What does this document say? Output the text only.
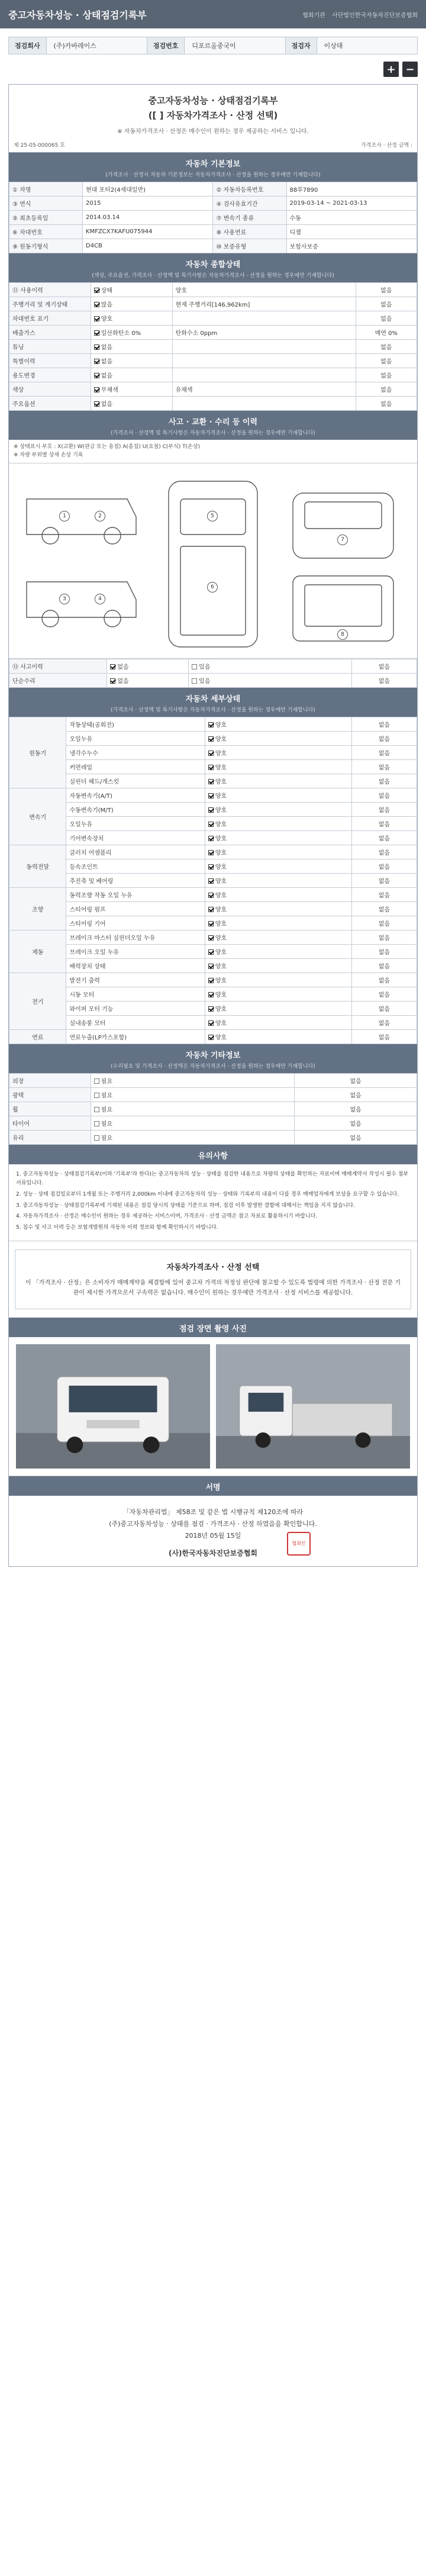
중고자동차성능 · 상태점검기록부	협회기관 사단법인한국자동차진단보증협회
점검회사	(주)카바레이스	점검번호	디포르올중국이	점검자	이상태
+ −
중고자동차성능 · 상태점검기록부
([ ] 자동차가격조사 · 산정 선택)
※ 자동차가격조사 · 산정은 매수인이 원하는 경우 제공하는 서비스 입니다.
제 25-05-000065 호	가격조사 · 산정 금액 :
자동차 기본정보
(가격조사 · 산정시 자동차 기본정보는 자동차가격조사 · 산정을 원하는 경우에만 기재합니다)
① 차명	현대 포터2(4세대일반)	② 자동차등록번호	88루7890
③ 연식	2015	④ 검사유효기간	2019-03-14 ~ 2021-03-13
⑤ 최초등록일	2014.03.14	⑦ 변속기 종류	수동
⑥ 차대번호	KMFZCX7KAFU075944	⑧ 사용연료	디젤
⑨ 원동기형식	D4CB	⑩ 보증유형	보험사보증
자동차 종합상태
(색상, 주요옵션, 가격조사 · 산정액 및 특기사항은 자동차가격조사 · 산정을 원하는 경우에만 기재합니다)
⑪ 사용이력	상태	양호	없음
주행거리 및 계기상태	많음	현재 주행거리[146,962km]	없음
차대번호 표기	양호		없음
배출가스	일산화탄소 0%	탄화수소 0ppm	매연 0%
튜닝	없음		없음
특별이력	없음		없음
용도변경	없음		없음
색상	무채색	유채색	없음
주요옵션	없음		없음
사고 · 교환 · 수리 등 이력
(가격조사 · 산정액 및 특기사항은 자동차가격조사 · 산정을 원하는 경우에만 기재합니다)
※ 상태표시 부호 : X(교환) W(판금 또는 용접) A(흠집) U(요철) C(부식) T(손상)
※ 차량 부위별 상세 손상 기록
1	2
3	4
5
6
7
8
⑬ 사고이력	없음	있음	없음
단순수리	없음	있음	없음
자동차 세부상태
(가격조사 · 산정액 및 특기사항은 자동차가격조사 · 산정을 원하는 경우에만 기재합니다)
원동기	작동상태(공회전)	양호	없음
	오일누유	양호	없음
	냉각수누수	양호	없음
	커먼레일	양호	없음
	실린더 헤드/개스킷	양호	없음
변속기	자동변속기(A/T)	양호	없음
	수동변속기(M/T)	양호	없음
	오일누유	양호	없음
	기어변속장치	양호	없음
동력전달	클러치 어셈블리	양호	없음
	등속조인트	양호	없음
	추진축 및 베어링	양호	없음
조향	동력조향 작동 오일 누유	양호	없음
	스티어링 펌프	양호	없음
	스티어링 기어	양호	없음
제동	브레이크 마스터 실린더오일 누유	양호	없음
	브레이크 오일 누유	양호	없음
	배력장치 상태	양호	없음
전기	발전기 출력	양호	없음
	시동 모터	양호	없음
	와이퍼 모터 기능	양호	없음
	실내송풍 모터	양호	없음
연료	연료누출(LP가스포함)	양호	없음
자동차 기타정보
(수리필요 및 가격조사 · 산정액은 자동차가격조사 · 산정을 원하는 경우에만 기재합니다)
외장	필요	없음
광택	필요	없음
휠	필요	없음
타이어	필요	없음
유리	필요	없음
유의사항

1. 중고자동차성능 · 상태점검기록부(이하 '기록부'라 한다)는 중고자동차의 성능 · 상태를 점검한 내용으로 차량의 상태를 확인하는 자료이며 매매계약서 작성시 필수 첨부서류입니다.

2. 성능 · 상태 점검일로부터 1개월 또는 주행거리 2,000km 이내에 중고자동차의 성능 · 상태와 기록부의 내용이 다를 경우 매매업자에게 보상을 요구할 수 있습니다.

3. 중고자동차성능 · 상태점검기록부에 기재된 내용은 점검 당시의 상태를 기준으로 하며, 점검 이후 발생한 결함에 대해서는 책임을 지지 않습니다.

4. 자동차가격조사 · 산정은 매수인이 원하는 경우 제공하는 서비스이며, 가격조사 · 산정 금액은 참고 자료로 활용하시기 바랍니다.

5. 침수 및 사고 이력 등은 보험개발원의 자동차 이력 정보와 함께 확인하시기 바랍니다.

자동차가격조사 · 산정 선택
이 「가격조사 · 산정」은 소비자가 매매계약을 체결함에 있어 중고차 가격의 적정성 판단에 참고할 수 있도록 법령에 의한 가격조사 · 산정 전문 기관이 제시한 가격으로서 구속력은 없습니다. 매수인이 원하는 경우에만 가격조사 · 산정 서비스를 제공합니다.
점검 장면 촬영 사진
서명
「자동차관리법」 제58조 및 같은 법 시행규칙 제120조에 따라
(주)중고자동차성능 · 상태를 점검 · 가격조사 · 산정 하였음을 확인합니다.
2018년 05월 15일
(사)한국자동차진단보증협회
협회인
